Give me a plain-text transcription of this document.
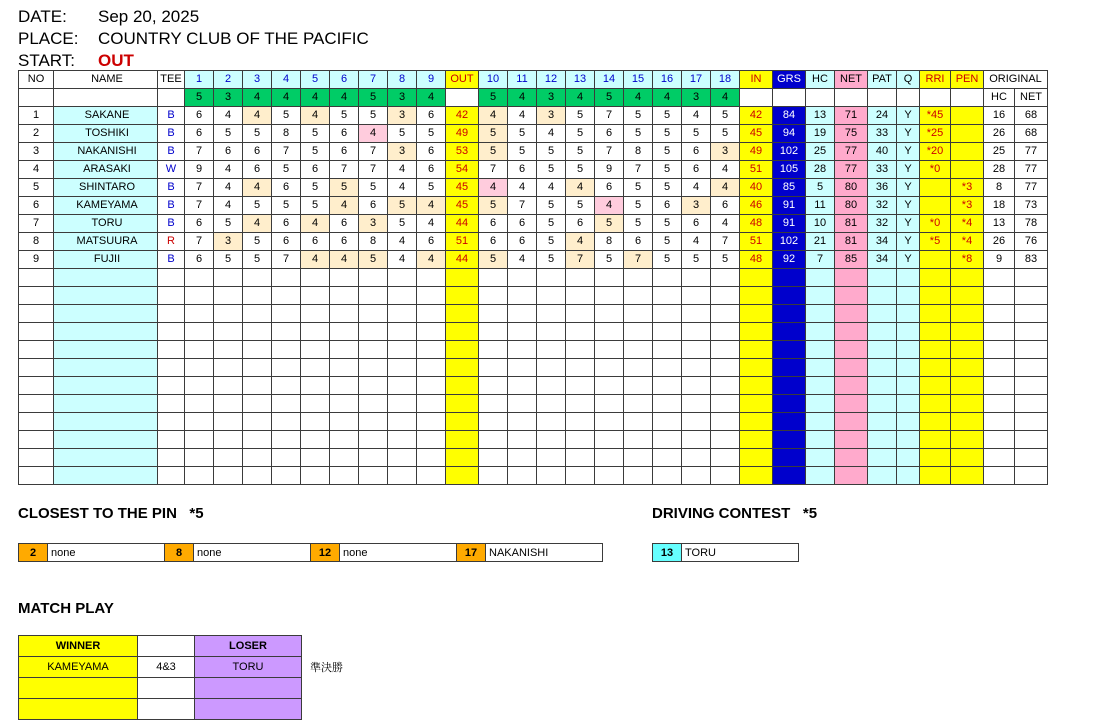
DATE:	Sep 20, 2025
PLACE:	COUNTRY CLUB OF THE PACIFIC
START:	OUT
NO	NAME	TEE	1	2	3	4	5	6	7	8	9	OUT	10	11	12	13	14	15	16	17	18	IN	GRS	HC	NET	PAT	Q	RRI	PEN	ORIGINAL	
			5	3	4	4	4	4	5	3	4		5	4	3	4	5	4	4	3	4									HC	NET
1	SAKANE	B	6	4	4	5	4	5	5	3	6	42	4	4	3	5	7	5	5	4	5	42	84	13	71	24	Y	*45		16	68
2	TOSHIKI	B	6	5	5	8	5	6	4	5	5	49	5	5	4	5	6	5	5	5	5	45	94	19	75	33	Y	*25		26	68
3	NAKANISHI	B	7	6	6	7	5	6	7	3	6	53	5	5	5	5	7	8	5	6	3	49	102	25	77	40	Y	*20		25	77
4	ARASAKI	W	9	4	6	5	6	7	7	4	6	54	7	6	5	5	9	7	5	6	4	51	105	28	77	33	Y	*0		28	77
5	SHINTARO	B	7	4	4	6	5	5	5	4	5	45	4	4	4	4	6	5	5	4	4	40	85	5	80	36	Y		*3	8	77
6	KAMEYAMA	B	7	4	5	5	5	4	6	5	4	45	5	7	5	5	4	5	6	3	6	46	91	11	80	32	Y		*3	18	73
7	TORU	B	6	5	4	6	4	6	3	5	4	44	6	6	5	6	5	5	5	6	4	48	91	10	81	32	Y	*0	*4	13	78
8	MATSUURA	R	7	3	5	6	6	6	8	4	6	51	6	6	5	4	8	6	5	4	7	51	102	21	81	34	Y	*5	*4	26	76
9	FUJII	B	6	5	5	7	4	4	5	4	4	44	5	4	5	7	5	7	5	5	5	48	92	7	85	34	Y		*8	9	83

CLOSEST TO THE PIN *5
2	none	8	none	12	none	17	NAKANISHI
DRIVING CONTEST *5
13	TORU
MATCH PLAY
WINNER		LOSER	
KAMEYAMA	4&3	TORU	準決勝
